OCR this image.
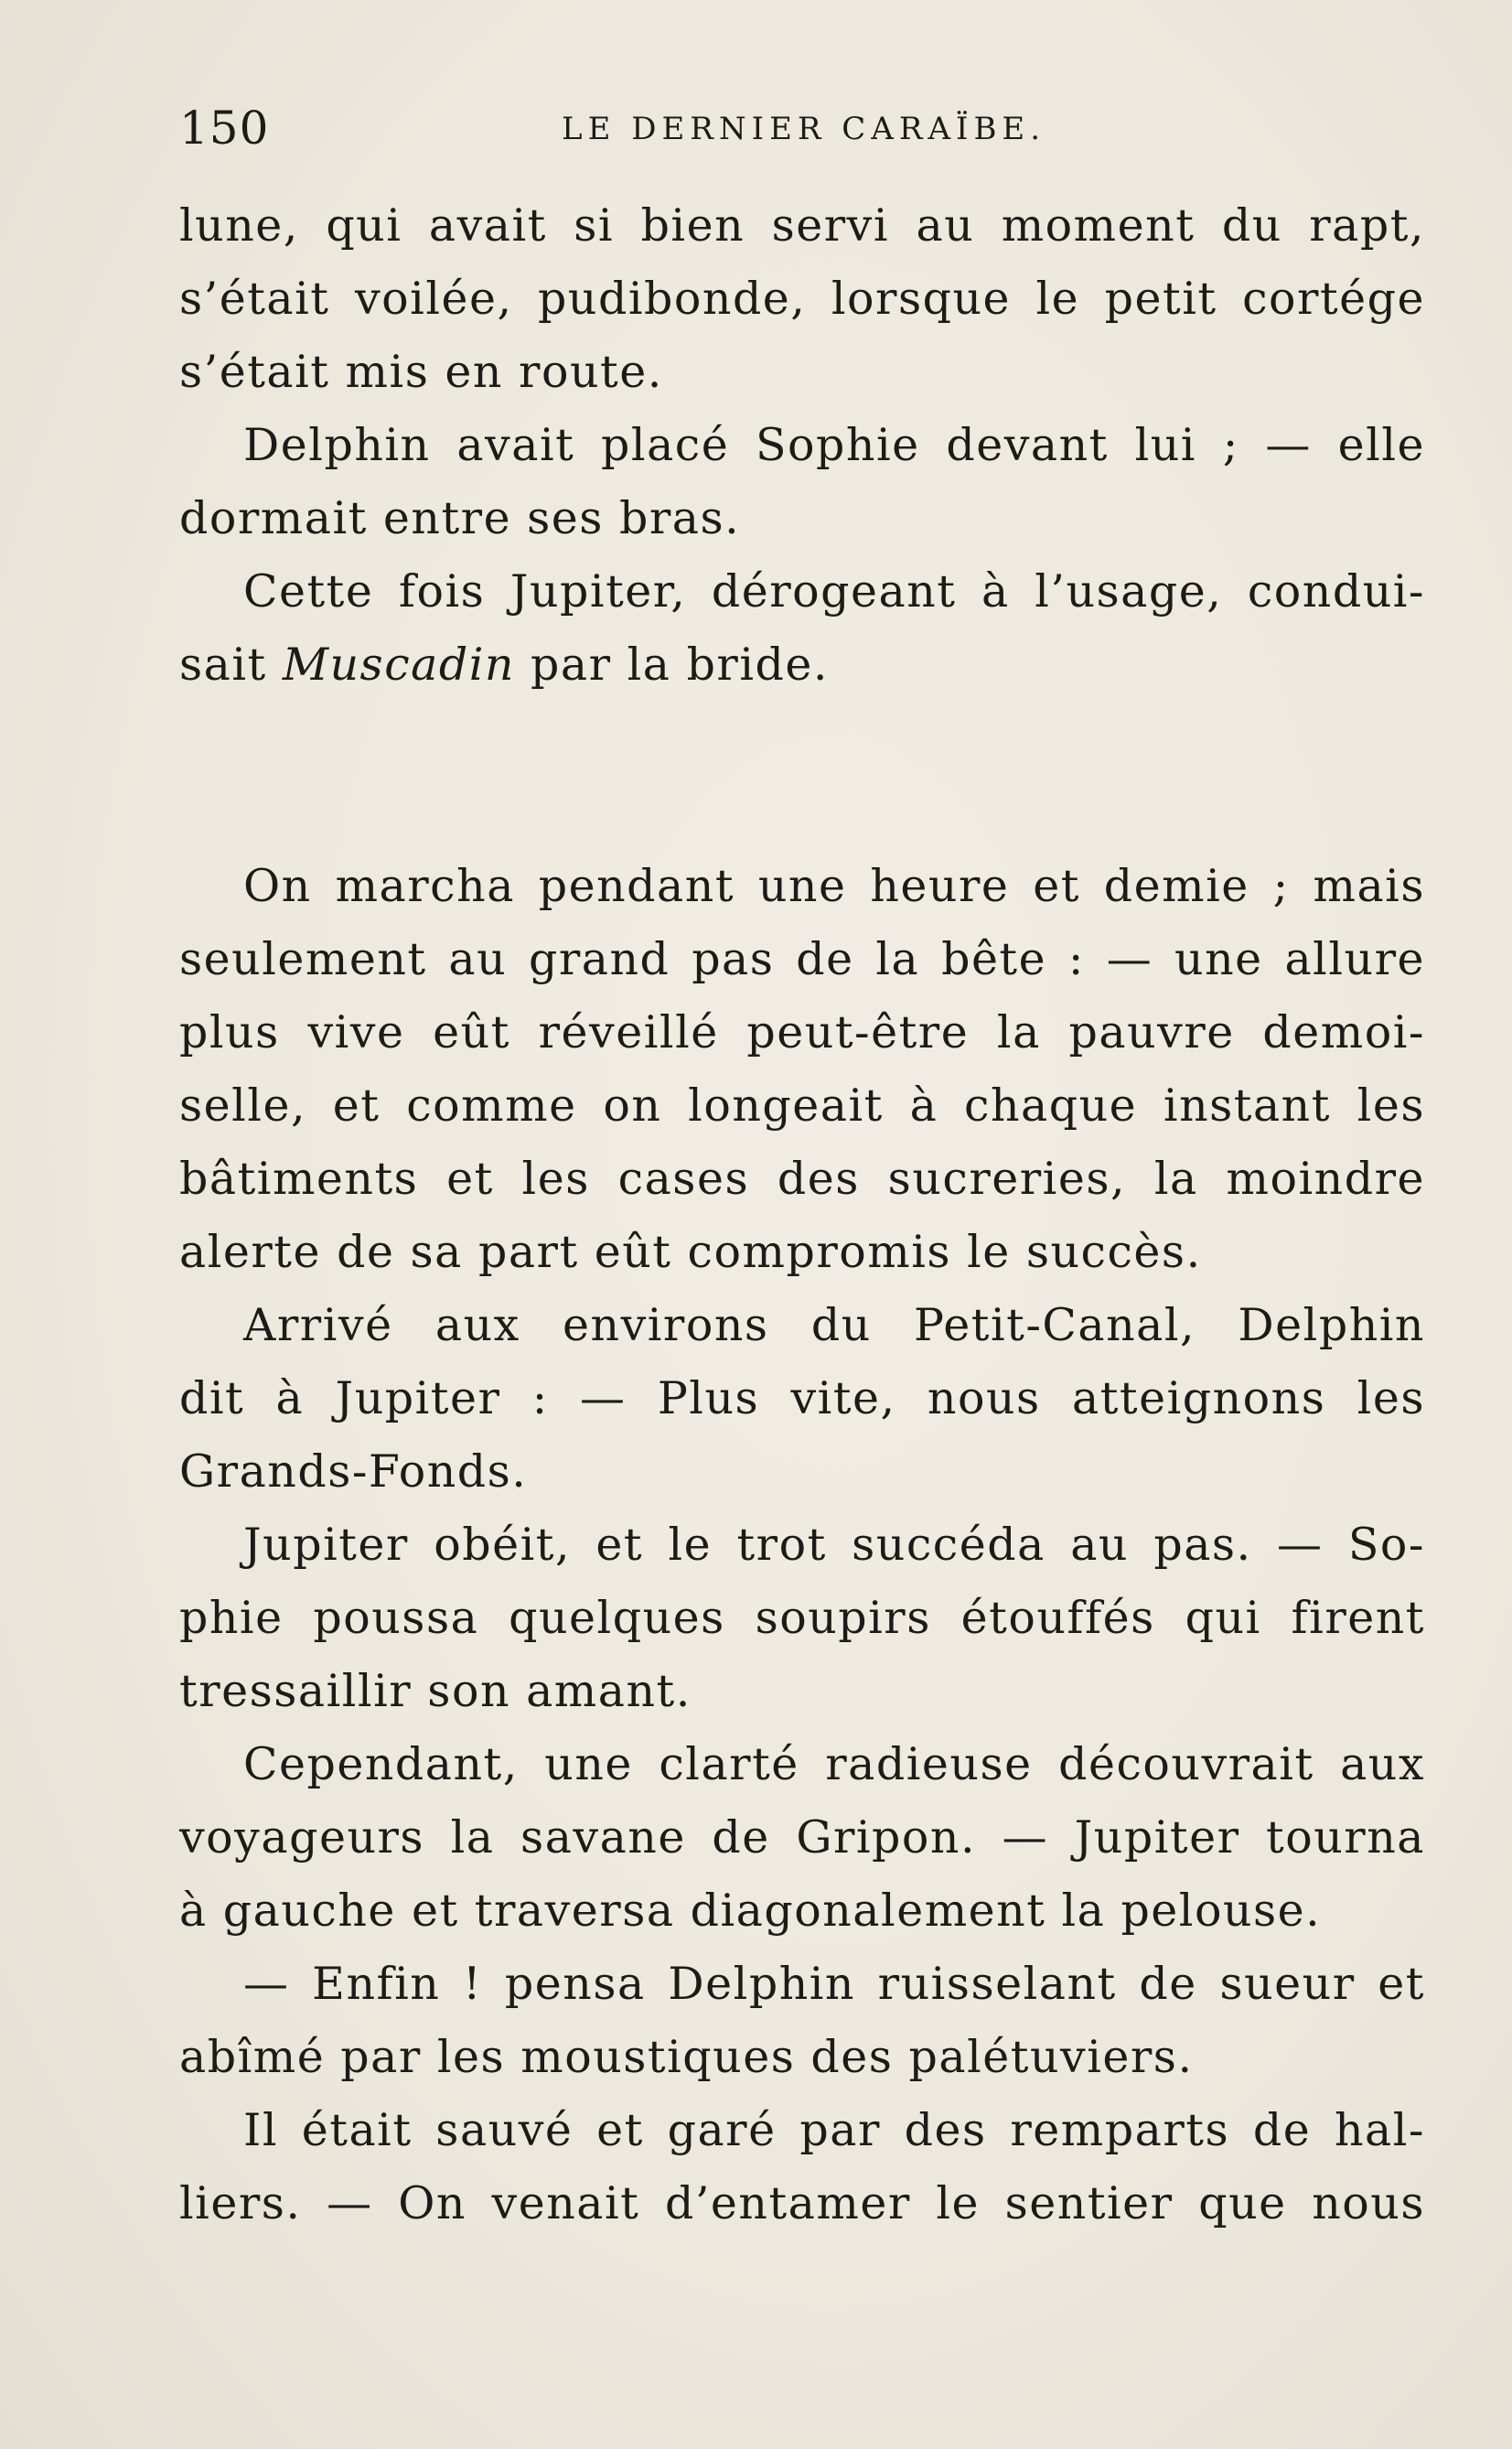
150	LE DERNIER CARAÏBE.
lune, qui avait si bien servi au moment du rapt,
s’était voilée, pudibonde, lorsque le petit cortége
s’était mis en route.
Delphin avait placé Sophie devant lui ; — elle
dormait entre ses bras.
Cette fois Jupiter, dérogeant à l’usage, condui-
sait Muscadin par la bride.
On marcha pendant une heure et demie ; mais
seulement au grand pas de la bête : — une allure
plus vive eût réveillé peut-être la pauvre demoi-
selle, et comme on longeait à chaque instant les
bâtiments et les cases des sucreries, la moindre
alerte de sa part eût compromis le succès.
Arrivé aux environs du Petit-Canal, Delphin
dit à Jupiter : — Plus vite, nous atteignons les
Grands-Fonds.
Jupiter obéit, et le trot succéda au pas. — So-
phie poussa quelques soupirs étouffés qui firent
tressaillir son amant.
Cependant, une clarté radieuse découvrait aux
voyageurs la savane de Gripon. — Jupiter tourna
à gauche et traversa diagonalement la pelouse.
— Enfin ! pensa Delphin ruisselant de sueur et
abîmé par les moustiques des palétuviers.
Il était sauvé et garé par des remparts de hal-
liers. — On venait d’entamer le sentier que nous
